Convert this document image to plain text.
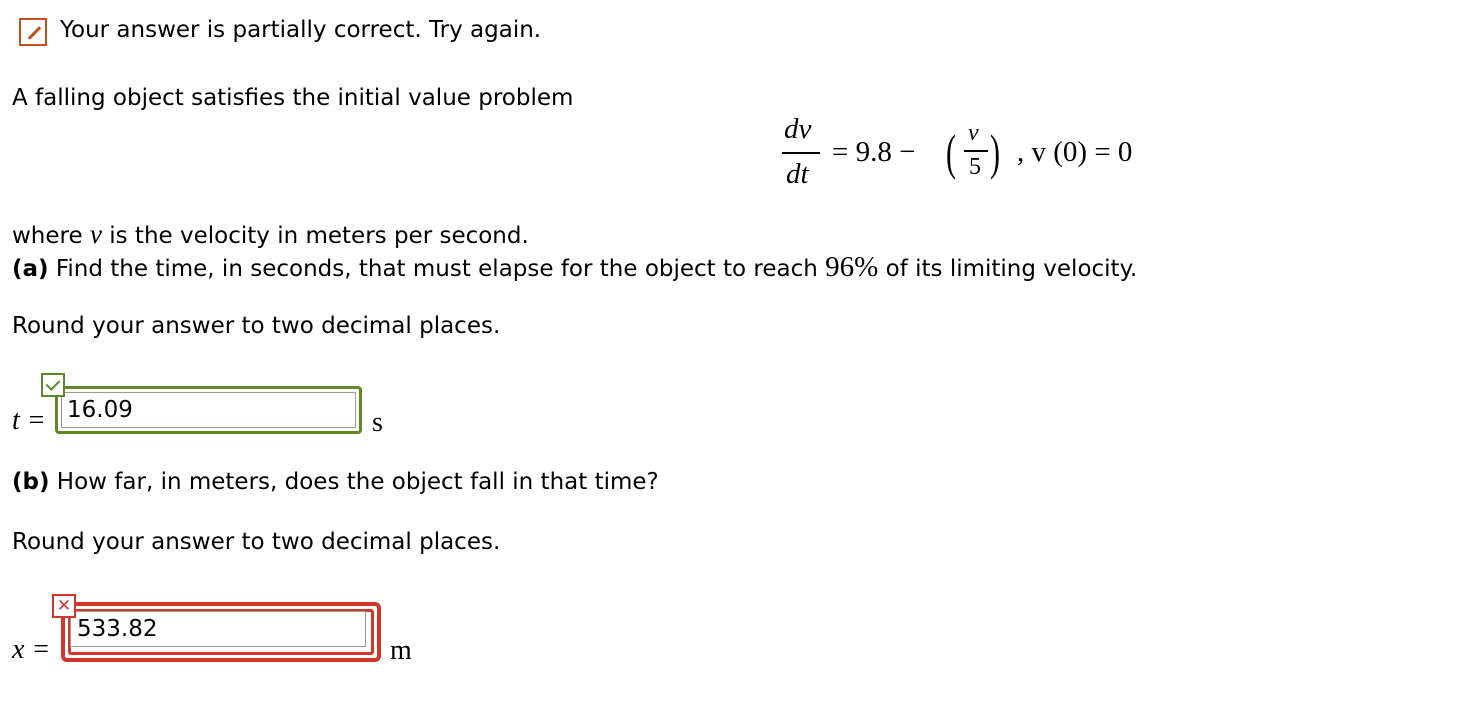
Your answer is partially correct. Try again.
A falling object satisfies the initial value problem
dv
dt
= 9.8 − ( v
5 ) , v (0) = 0
where v is the velocity in meters per second.
(a) Find the time, in seconds, that must elapse for the object to reach 96% of its limiting velocity.
Round your answer to two decimal places.
t =
16.09	s
(b) How far, in meters, does the object fall in that time?
Round your answer to two decimal places.
x =
533.82
✕
m
